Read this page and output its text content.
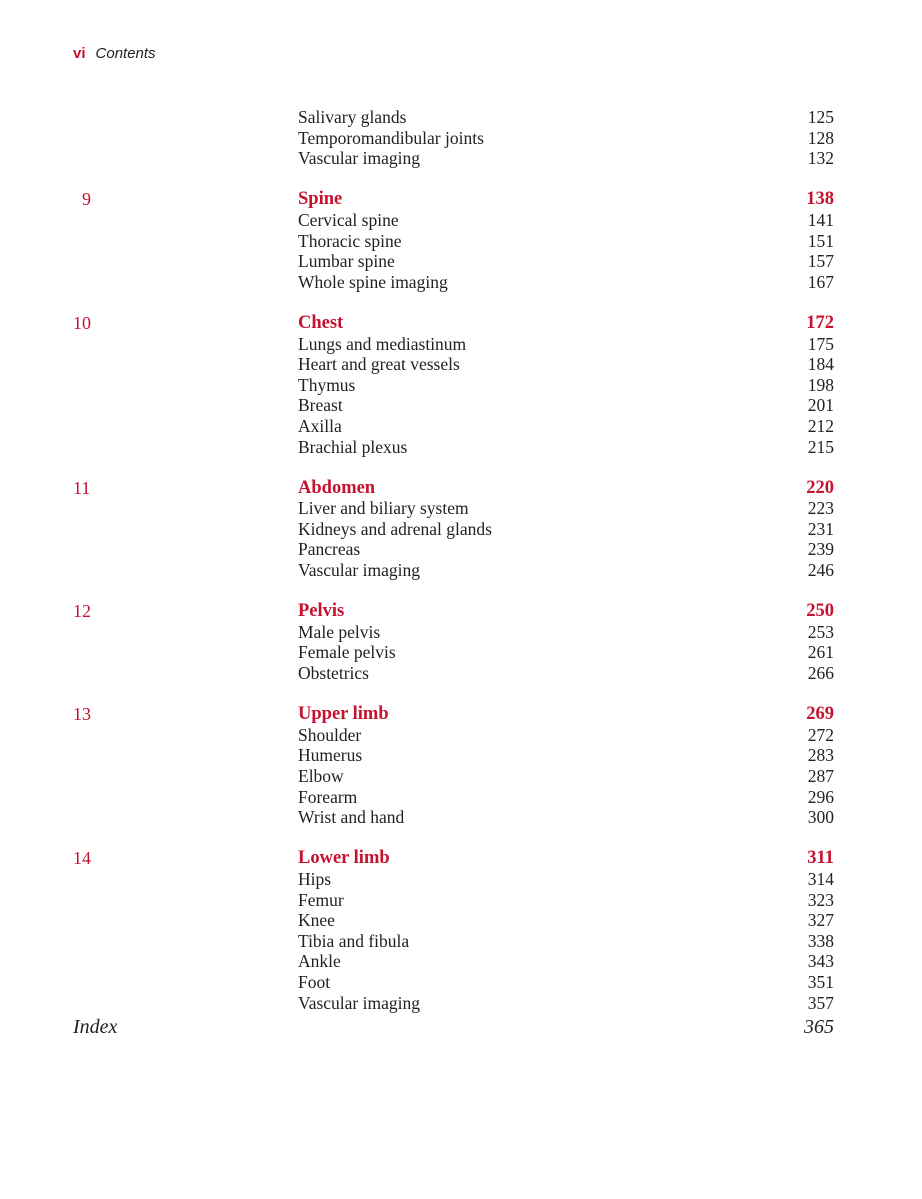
vi Contents
Salivary glands	125
Temporomandibular joints	128
Vascular imaging	132
9	Spine	138
Cervical spine	141
Thoracic spine	151
Lumbar spine	157
Whole spine imaging	167
10	Chest	172
Lungs and mediastinum	175
Heart and great vessels	184
Thymus	198
Breast	201
Axilla	212
Brachial plexus	215
11	Abdomen	220
Liver and biliary system	223
Kidneys and adrenal glands	231
Pancreas	239
Vascular imaging	246
12	Pelvis	250
Male pelvis	253
Female pelvis	261
Obstetrics	266
13	Upper limb	269
Shoulder	272
Humerus	283
Elbow	287
Forearm	296
Wrist and hand	300
14	Lower limb	311
Hips	314
Femur	323
Knee	327
Tibia and fibula	338
Ankle	343
Foot	351
Vascular imaging	357
Index	365
